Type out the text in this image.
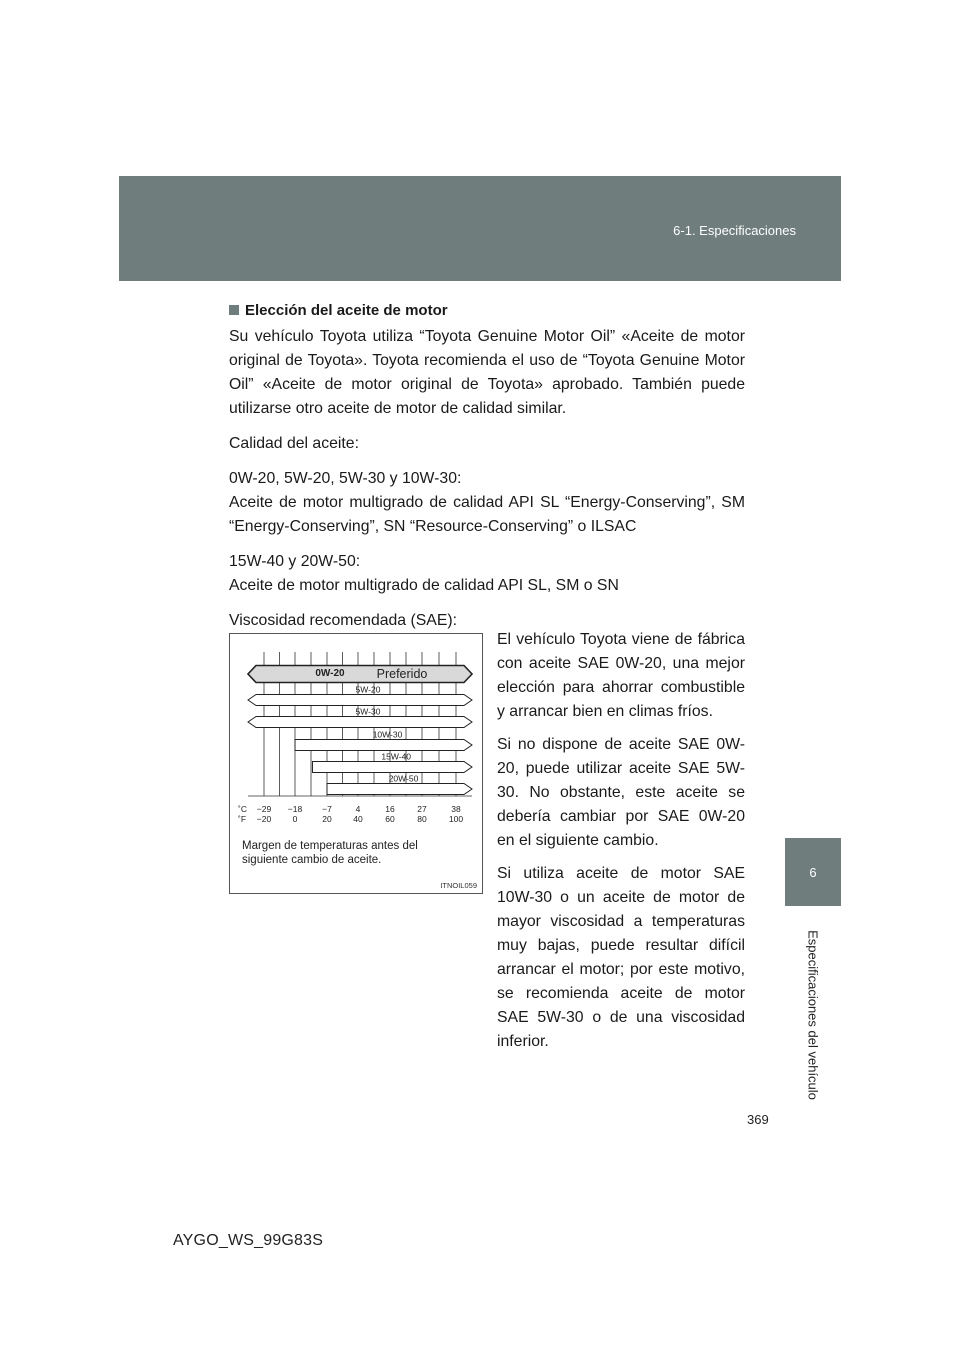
6-1. Especificaciones
Elección del aceite de motor

Su vehículo Toyota utiliza “Toyota Genuine Motor Oil” «Aceite de motor original de Toyota». Toyota recomienda el uso de “Toyota Genuine Motor Oil” «Aceite de motor original de Toyota» aprobado. También puede utilizarse otro aceite de motor de calidad similar.

Calidad del aceite:

0W-20, 5W-20, 5W-30 y 10W-30:
Aceite de motor multigrado de calidad API SL “Energy-Conserving”, SM “Energy-Conserving”, SN “Resource-Conserving” o ILSAC
15W-40 y 20W-50:
Aceite de motor multigrado de calidad API SL, SM o SN

Viscosidad recomendada (SAE):

0W-20	Preferido
5W-20
5W-30
10W-30
15W-40
20W-50
−29 −18 −7	4	16	27	38
−20	0	20	40	60	80	100
˚C
˚F
Margen de temperaturas antes del
siguiente cambio de aceite.
ITNOIL059

El vehículo Toyota viene de fábrica con aceite SAE 0W-20, una mejor elección para ahorrar combustible y arrancar bien en climas fríos.

Si no dispone de aceite SAE 0W-20, puede utilizar aceite SAE 5W-30. No obstante, este aceite se debería cambiar por SAE 0W-20 en el siguiente cambio.

Si utiliza aceite de motor SAE 10W-30 o un aceite de motor de mayor viscosidad a temperaturas muy bajas, puede resultar difícil arrancar el motor; por este motivo, se recomienda aceite de motor SAE 5W-30 o de una viscosidad inferior.

6
Especificaciones del vehículo
369
AYGO_WS_99G83S
